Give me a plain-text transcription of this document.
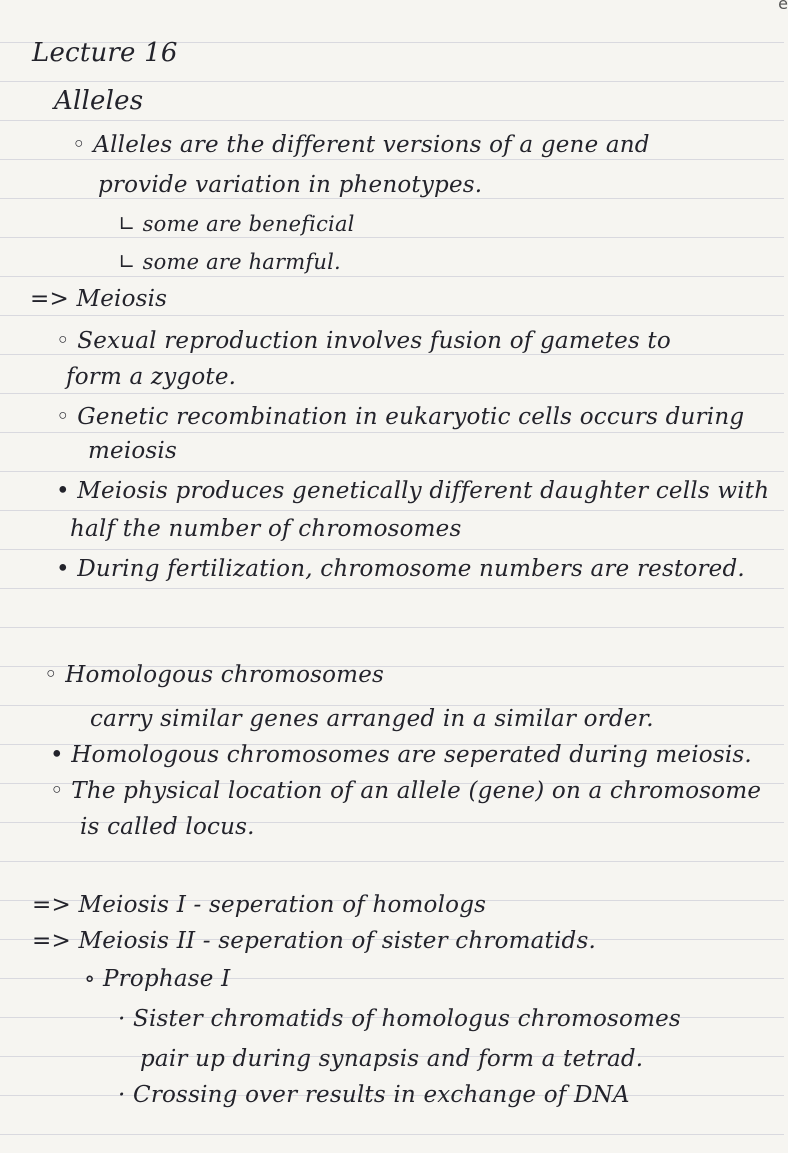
e
Lecture 16
Alleles
◦ Alleles are the different versions of a gene and
provide variation in phenotypes.
∟ some are beneficial
∟ some are harmful.
=> Meiosis
◦ Sexual reproduction involves fusion of gametes to
form a zygote.
◦ Genetic recombination in eukaryotic cells occurs during
meiosis
• Meiosis produces genetically different daughter cells with
half the number of chromosomes
• During fertilization, chromosome numbers are restored.
◦ Homologous chromosomes
carry similar genes arranged in a similar order.
• Homologous chromosomes are seperated during meiosis.
◦ The physical location of an allele (gene) on a chromosome
is called locus.
=> Meiosis I - seperation of homologs
=> Meiosis II - seperation of sister chromatids.
∘ Prophase I
· Sister chromatids of homologus chromosomes
pair up during synapsis and form a tetrad.
· Crossing over results in exchange of DNA
